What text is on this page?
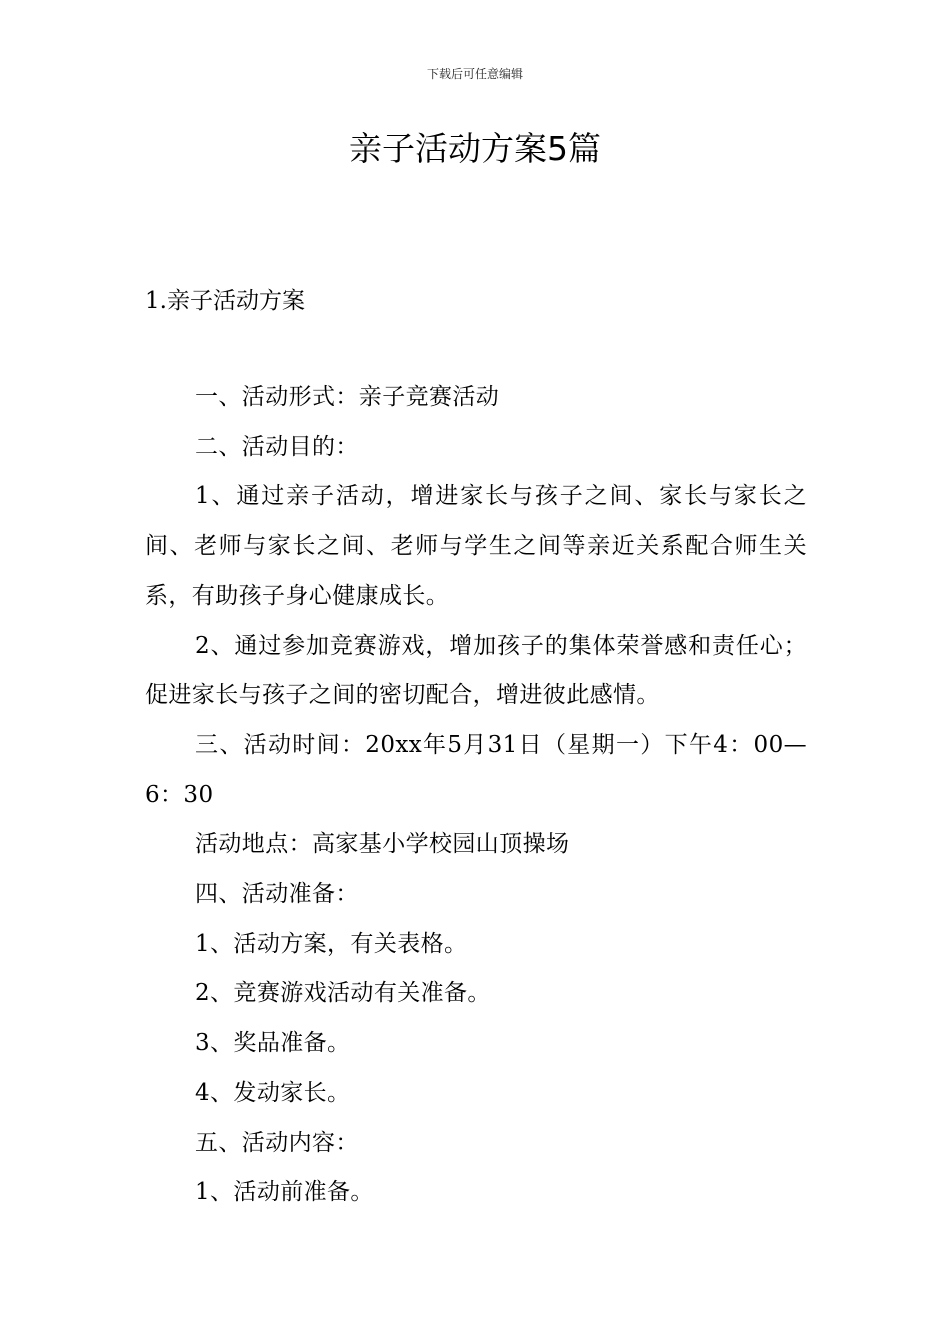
下载后可任意编辑
亲子活动方案5篇
1.亲子活动方案

一、活动形式：亲子竞赛活动

二、活动目的：

1、通过亲子活动，增进家长与孩子之间、家长与家长之间、老师与家长之间、老师与学生之间等亲近关系配合师生关系，有助孩子身心健康成长。

2、通过参加竞赛游戏，增加孩子的集体荣誉感和责任心；促进家长与孩子之间的密切配合，增进彼此感情。

三、活动时间：20xx年5月31日（星期一）下午4：00—6：30

活动地点：高家基小学校园山顶操场

四、活动准备：

1、活动方案，有关表格。

2、竞赛游戏活动有关准备。

3、奖品准备。

4、发动家长。

五、活动内容：

1、活动前准备。
